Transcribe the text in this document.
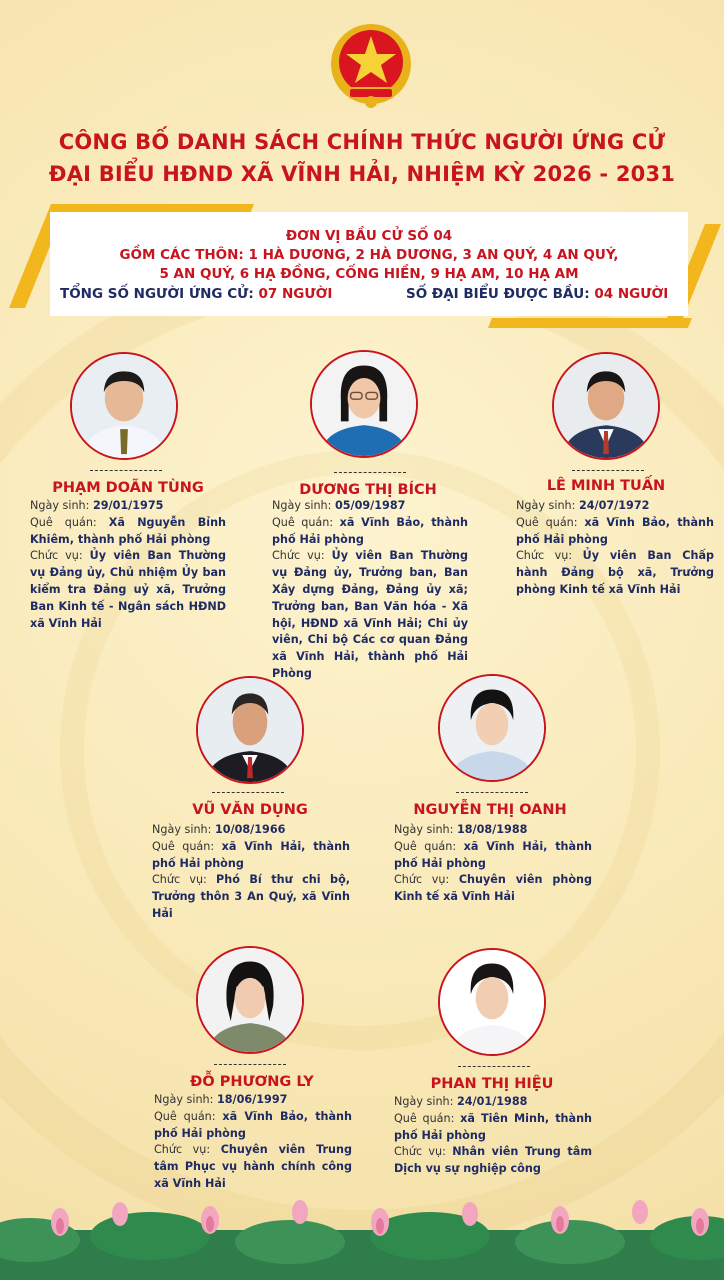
CÔNG BỐ DANH SÁCH CHÍNH THỨC NGƯỜI ỨNG CỬ
ĐẠI BIỂU HĐND XÃ VĨNH HẢI, NHIỆM KỲ 2026 - 2031
ĐƠN VỊ BẦU CỬ SỐ 04
GỒM CÁC THÔN: 1 HÀ DƯƠNG, 2 HÀ DƯƠNG, 3 AN QUÝ, 4 AN QUÝ,
5 AN QUÝ, 6 HẠ ĐỒNG, CỐNG HIỀN, 9 HẠ AM, 10 HẠ AM
TỔNG SỐ NGƯỜI ỨNG CỬ: 07 NGƯỜI	SỐ ĐẠI BIỂU ĐƯỢC BẦU: 04 NGƯỜI
PHẠM DOÃN TÙNG
Ngày sinh: 29/01/1975
Quê quán: Xã Nguyễn Bỉnh Khiêm, thành phố Hải phòng
Chức vụ: Ủy viên Ban Thường vụ Đảng ủy, Chủ nhiệm Ủy ban kiểm tra Đảng uỷ xã, Trưởng Ban Kinh tế - Ngân sách HĐND xã Vĩnh Hải
DƯƠNG THỊ BÍCH
Ngày sinh: 05/09/1987
Quê quán: xã Vĩnh Bảo, thành phố Hải phòng
Chức vụ: Ủy viên Ban Thường vụ Đảng ủy, Trưởng ban, Ban Xây dựng Đảng, Đảng ủy xã; Trưởng ban, Ban Văn hóa - Xã hội, HĐND xã Vĩnh Hải; Chi ủy viên, Chi bộ Các cơ quan Đảng xã Vĩnh Hải, thành phố Hải Phòng
LÊ MINH TUẤN
Ngày sinh: 24/07/1972
Quê quán: xã Vĩnh Bảo, thành phố Hải phòng
Chức vụ: Ủy viên Ban Chấp hành Đảng bộ xã, Trưởng phòng Kinh tế xã Vĩnh Hải
VŨ VĂN DỤNG
Ngày sinh: 10/08/1966
Quê quán: xã Vĩnh Hải, thành phố Hải phòng
Chức vụ: Phó Bí thư chi bộ, Trưởng thôn 3 An Quý, xã Vĩnh Hải
NGUYỄN THỊ OANH
Ngày sinh: 18/08/1988
Quê quán: xã Vĩnh Hải, thành phố Hải phòng
Chức vụ: Chuyên viên phòng Kinh tế xã Vĩnh Hải
ĐỖ PHƯƠNG LY
Ngày sinh: 18/06/1997
Quê quán: xã Vĩnh Bảo, thành phố Hải phòng
Chức vụ: Chuyên viên Trung tâm Phục vụ hành chính công xã Vĩnh Hải
PHAN THỊ HIỆU
Ngày sinh: 24/01/1988
Quê quán: xã Tiên Minh, thành phố Hải phòng
Chức vụ: Nhân viên Trung tâm Dịch vụ sự nghiệp công
